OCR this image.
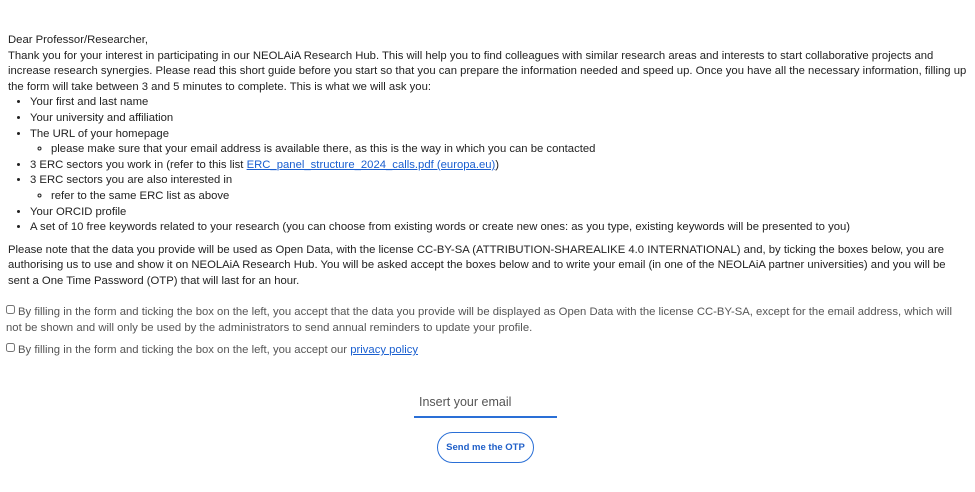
Dear Professor/Researcher,

Thank you for your interest in participating in our NEOLAiA Research Hub. This will help you to find colleagues with similar research areas and interests to start collaborative projects and increase research synergies. Please read this short guide before you start so that you can prepare the information needed and speed up. Once you have all the necessary information, filling up the form will take between 3 and 5 minutes to complete. This is what we will ask you:

• Your first and last name
• Your university and affiliation
• The URL of your homepage
◦ please make sure that your email address is available there, as this is the way in which you can be contacted
• 3 ERC sectors you work in (refer to this list ERC_panel_structure_2024_calls.pdf (europa.eu))
• 3 ERC sectors you are also interested in
◦ refer to the same ERC list as above
• Your ORCID profile
• A set of 10 free keywords related to your research (you can choose from existing words or create new ones: as you type, existing keywords will be presented to you)

Please note that the data you provide will be used as Open Data, with the license CC-BY-SA (ATTRIBUTION-SHAREALIKE 4.0 INTERNATIONAL) and, by ticking the boxes below, you are authorising us to use and show it on NEOLAiA Research Hub. You will be asked accept the boxes below and to write your email (in one of the NEOLAiA partner universities) and you will be sent a One Time Password (OTP) that will last for an hour.

By filling in the form and ticking the box on the left, you accept that the data you provide will be displayed as Open Data with the license CC-BY-SA, except for the email address, which will not be shown and will only be used by the administrators to send annual reminders to update your profile.
By filling in the form and ticking the box on the left, you accept our privacy policy
Insert your email
Send me the OTP
